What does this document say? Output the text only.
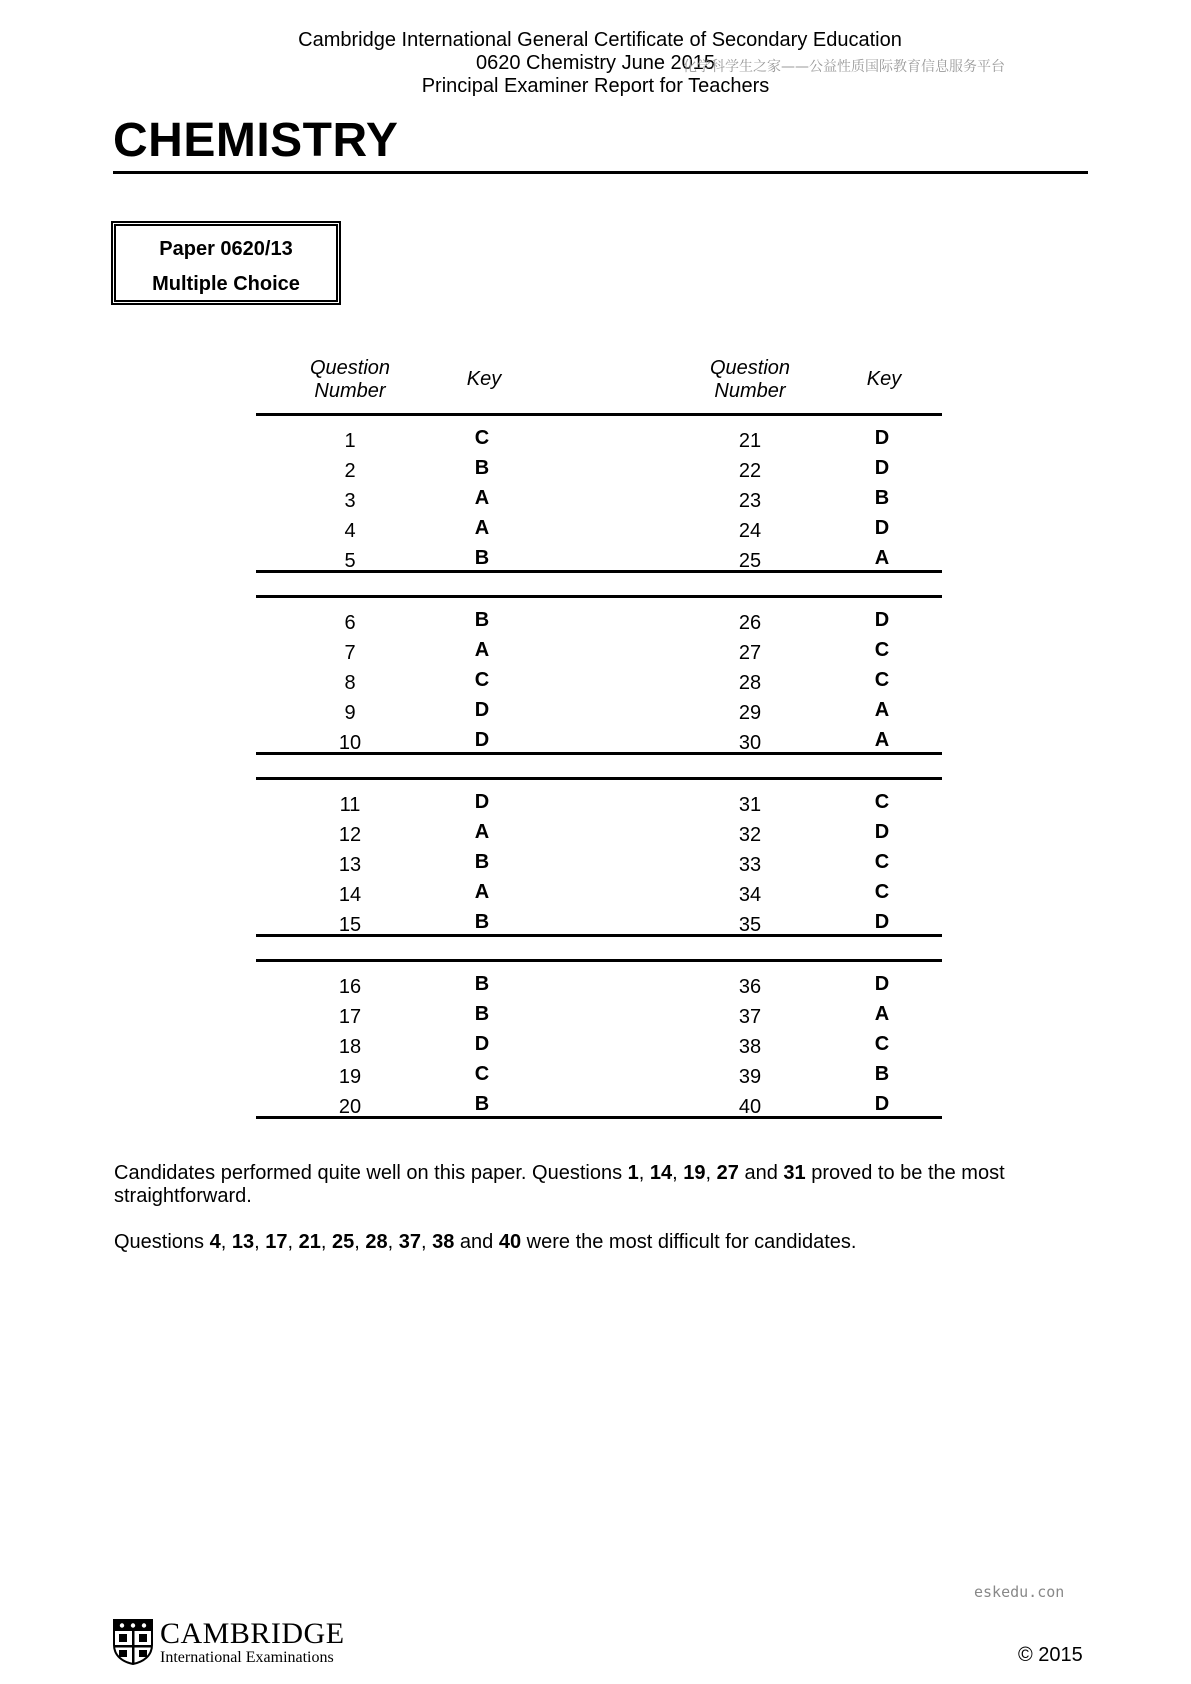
Cambridge International General Certificate of Secondary Education
0620 Chemistry June 2015
Principal Examiner Report for Teachers
化学科学生之家——公益性质国际教育信息服务平台
CHEMISTRY
Paper 0620/13
Multiple Choice
Question
Number
Key	Question
Number
Key
1	C	21	D
2	B	22	D
3	A	23	B
4	A	24	D
5	B	25	A
6	B	26	D
7	A	27	C
8	C	28	C
9	D	29	A
10	D	30	A
11	D	31	C
12	A	32	D
13	B	33	C
14	A	34	C
15	B	35	D
16	B	36	D
17	B	37	A
18	D	38	C
19	C	39	B
20	B	40	D
Candidates performed quite well on this paper. Questions 1, 14, 19, 27 and 31 proved to be the most
straightforward.
Questions 4, 13, 17, 21, 25, 28, 37, 38 and 40 were the most difficult for candidates.
CAMBRIDGE
International Examinations
eskedu.con
© 2015
